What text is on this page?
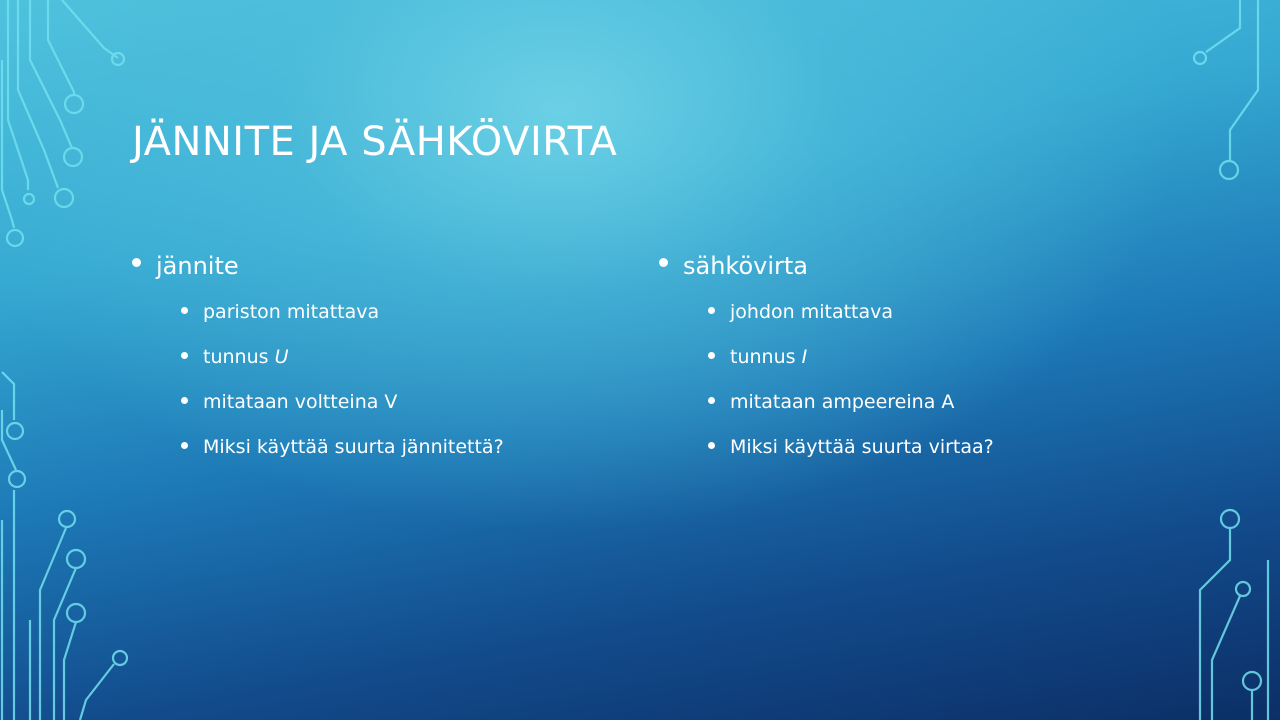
JÄNNITE JA SÄHKÖVIRTA
jännite
pariston mitattava
tunnus U
mitataan voltteina V
Miksi käyttää suurta jännitettä?
sähkövirta
johdon mitattava
tunnus I
mitataan ampeereina A
Miksi käyttää suurta virtaa?
